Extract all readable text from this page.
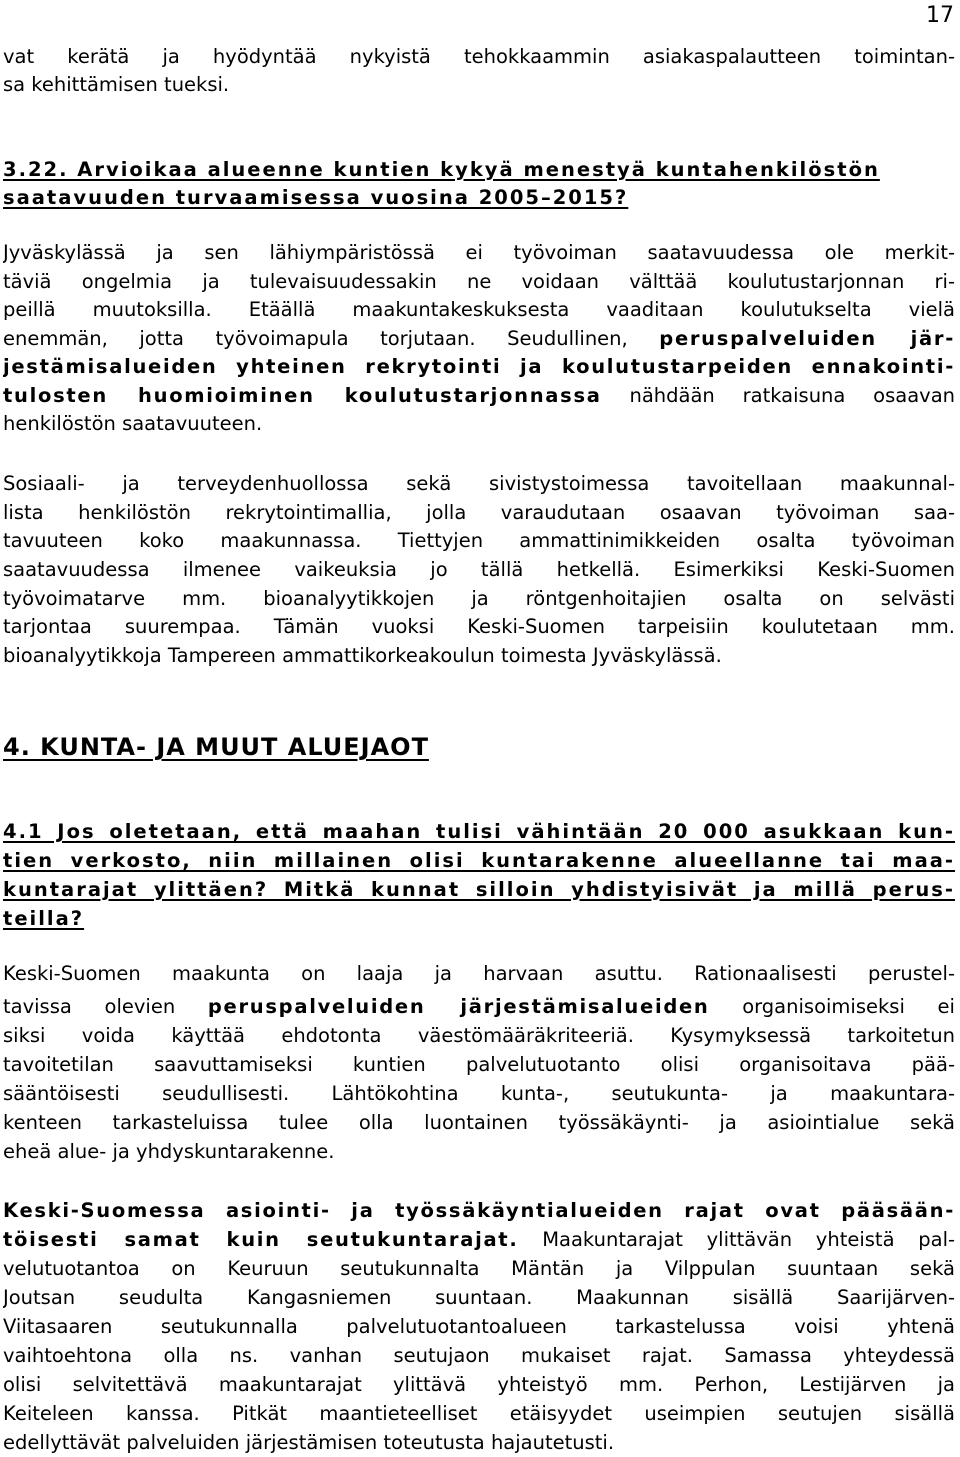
17
vat kerätä ja hyödyntää nykyistä tehokkaammin asiakaspalautteen toimintan-
sa kehittämisen tueksi.
3.22. Arvioikaa alueenne kuntien kykyä menestyä kuntahenkilöstön
saatavuuden turvaamisessa vuosina 2005–2015?
Jyväskylässä ja sen lähiympäristössä ei työvoiman saatavuudessa ole merkit-
täviä ongelmia ja tulevaisuudessakin ne voidaan välttää koulutustarjonnan ri-
peillä muutoksilla. Etäällä maakuntakeskuksesta vaaditaan koulutukselta vielä
enemmän, jotta työvoimapula torjutaan. Seudullinen, peruspalveluiden jär-
jestämisalueiden yhteinen rekrytointi ja koulutustarpeiden ennakointi-
tulosten huomioiminen koulutustarjonnassa nähdään ratkaisuna osaavan
henkilöstön saatavuuteen.
Sosiaali- ja terveydenhuollossa sekä sivistystoimessa tavoitellaan maakunnal-
lista henkilöstön rekrytointimallia, jolla varaudutaan osaavan työvoiman saa-
tavuuteen koko maakunnassa. Tiettyjen ammattinimikkeiden osalta työvoiman
saatavuudessa ilmenee vaikeuksia jo tällä hetkellä. Esimerkiksi Keski-Suomen
työvoimatarve mm. bioanalyytikkojen ja röntgenhoitajien osalta on selvästi
tarjontaa suurempaa. Tämän vuoksi Keski-Suomen tarpeisiin koulutetaan mm.
bioanalyytikkoja Tampereen ammattikorkeakoulun toimesta Jyväskylässä.
4. KUNTA- JA MUUT ALUEJAOT
4.1 Jos oletetaan, että maahan tulisi vähintään 20 000 asukkaan kun-
tien verkosto, niin millainen olisi kuntarakenne alueellanne tai maa-
kuntarajat ylittäen? Mitkä kunnat silloin yhdistyisivät ja millä perus-
teilla?
Keski-Suomen maakunta on laaja ja harvaan asuttu. Rationaalisesti perustel-
tavissa olevien peruspalveluiden järjestämisalueiden organisoimiseksi ei
siksi voida käyttää ehdotonta väestömääräkriteeriä. Kysymyksessä tarkoitetun
tavoitetilan saavuttamiseksi kuntien palvelutuotanto olisi organisoitava pää-
sääntöisesti seudullisesti. Lähtökohtina kunta-, seutukunta- ja maakuntara-
kenteen tarkasteluissa tulee olla luontainen työssäkäynti- ja asiointialue sekä
eheä alue- ja yhdyskuntarakenne.
Keski-Suomessa asiointi- ja työssäkäyntialueiden rajat ovat pääsään-
töisesti samat kuin seutukuntarajat. Maakuntarajat ylittävän yhteistä pal-
velutuotantoa on Keuruun seutukunnalta Mäntän ja Vilppulan suuntaan sekä
Joutsan seudulta Kangasniemen suuntaan. Maakunnan sisällä Saarijärven-
Viitasaaren seutukunnalla palvelutuotantoalueen tarkastelussa voisi yhtenä
vaihtoehtona olla ns. vanhan seutujaon mukaiset rajat. Samassa yhteydessä
olisi selvitettävä maakuntarajat ylittävä yhteistyö mm. Perhon, Lestijärven ja
Keiteleen kanssa. Pitkät maantieteelliset etäisyydet useimpien seutujen sisällä
edellyttävät palveluiden järjestämisen toteutusta hajautetusti.
